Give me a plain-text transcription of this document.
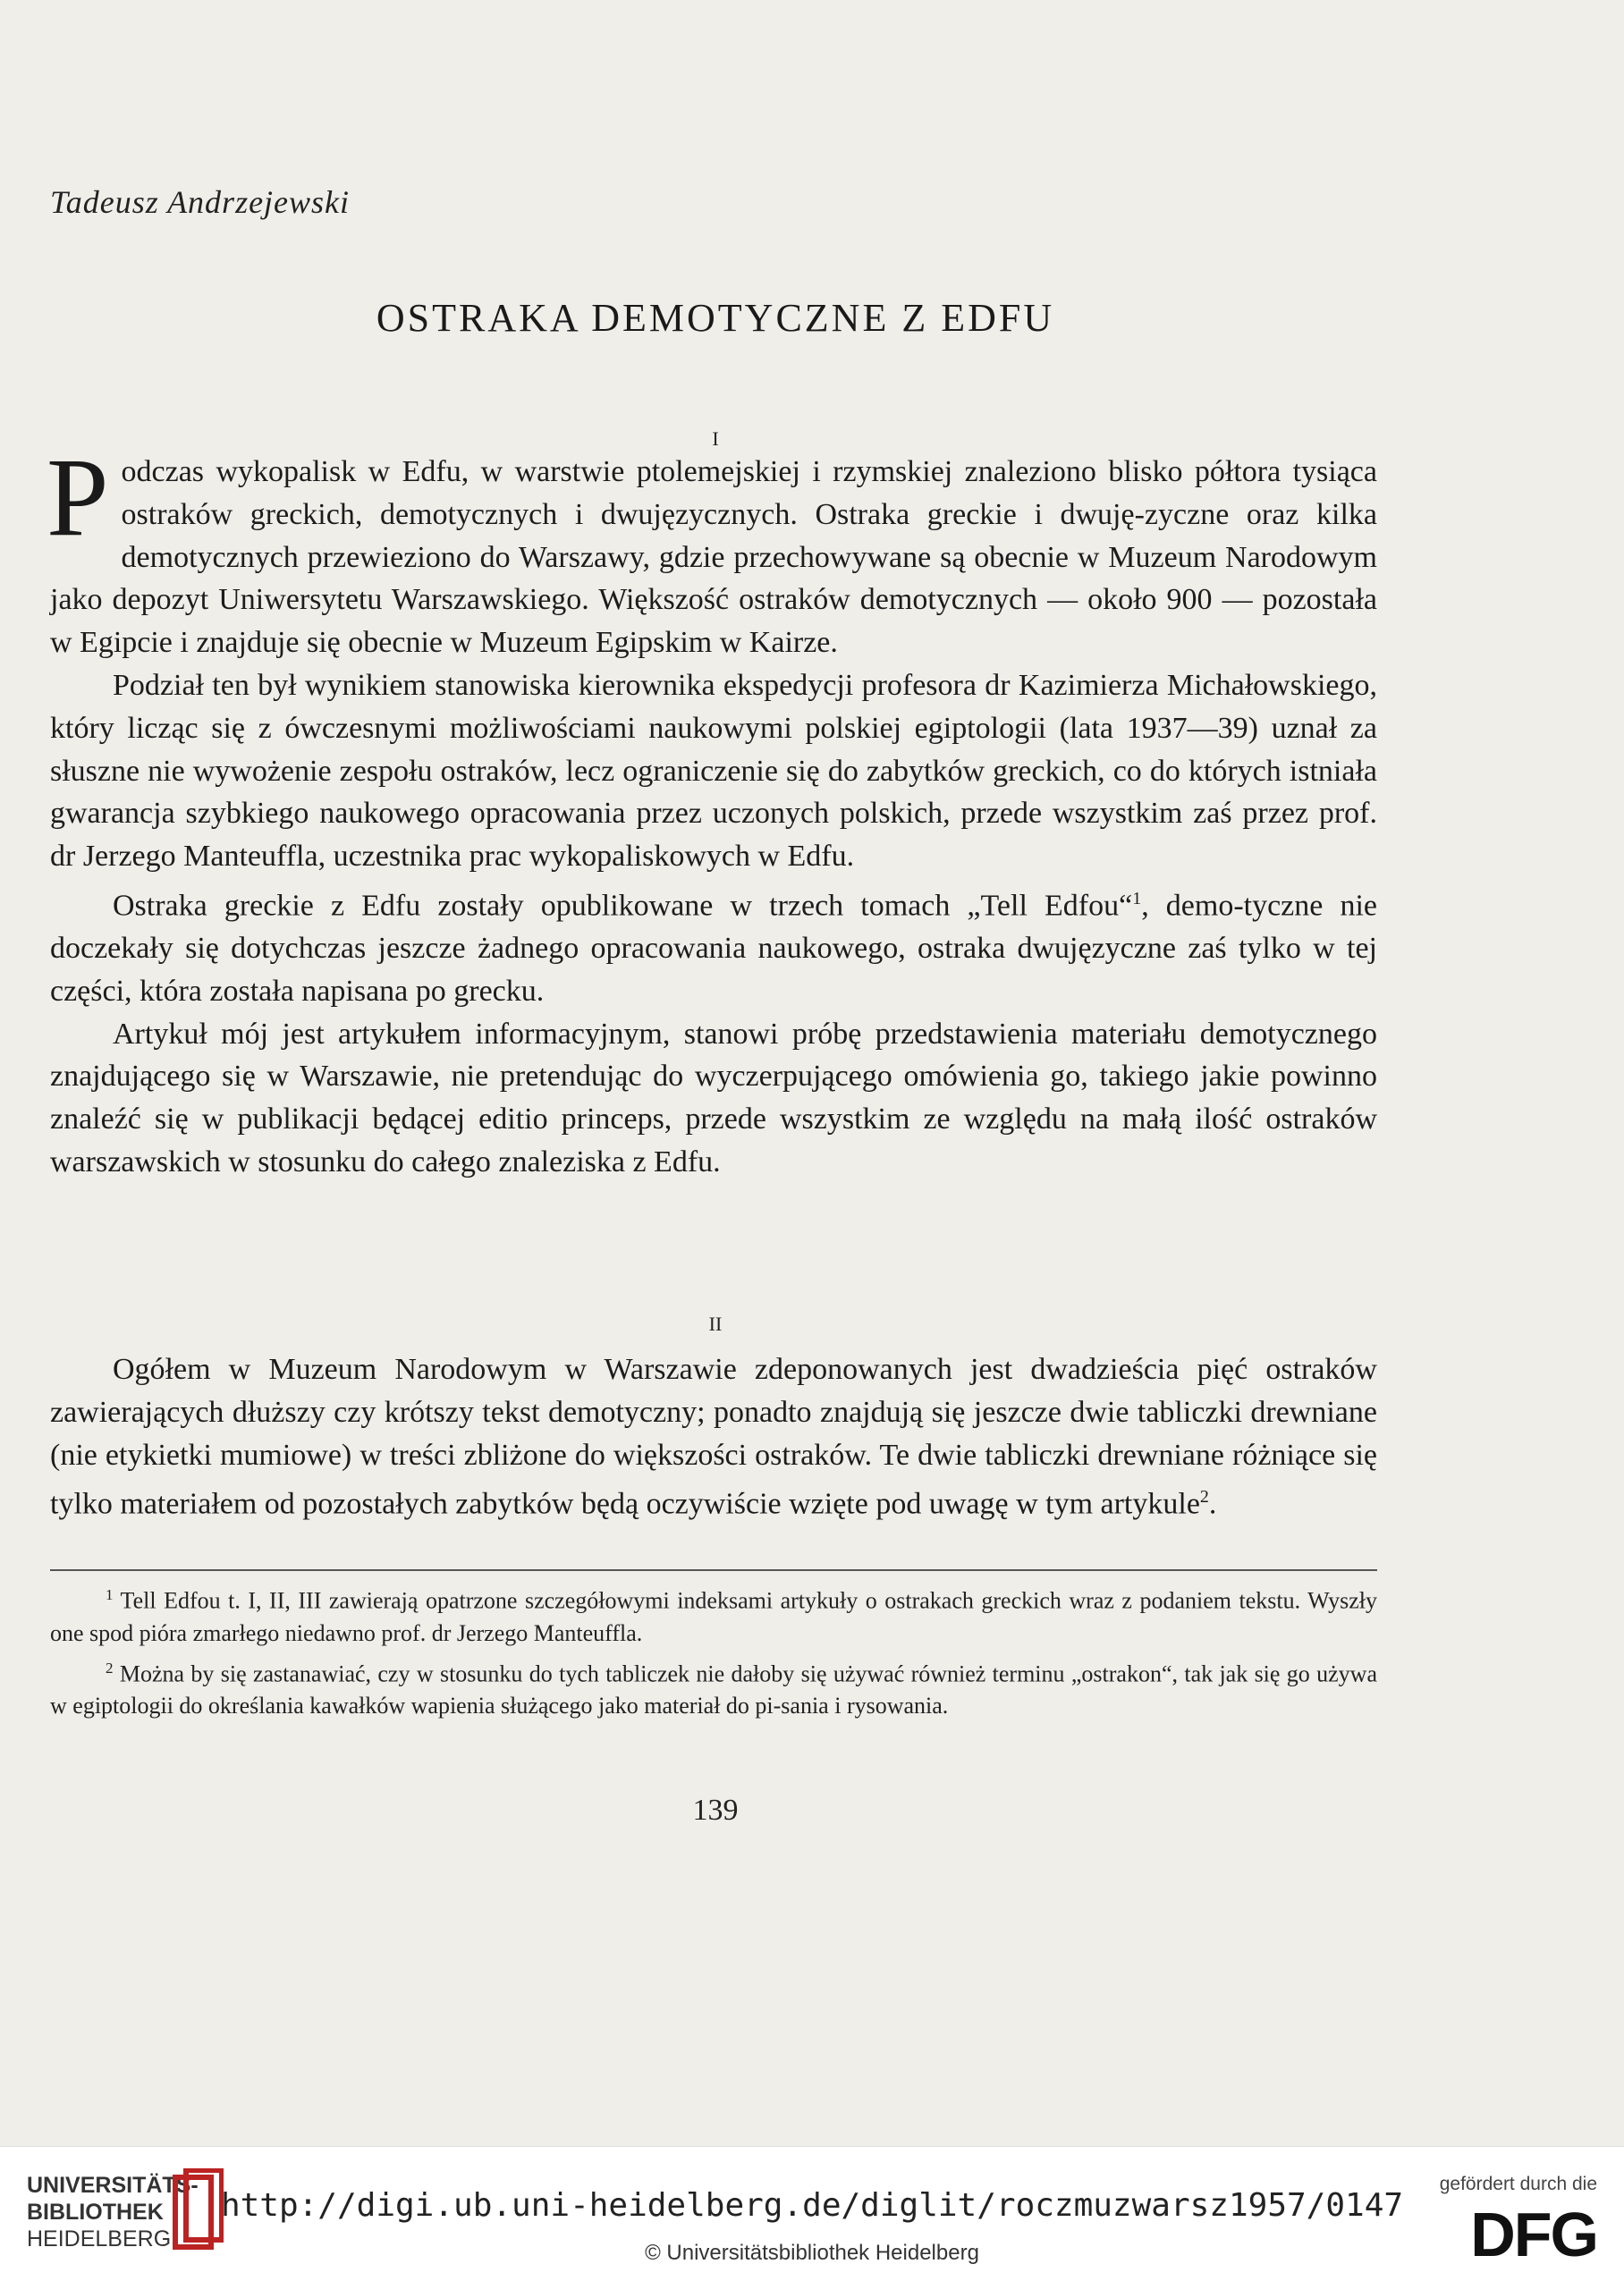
Tadeusz Andrzejewski
OSTRAKA DEMOTYCZNE Z EDFU
I

Podczas wykopalisk w Edfu, w warstwie ptolemejskiej i rzymskiej znaleziono blisko półtora tysiąca ostraków greckich, demotycznych i dwujęzycznych. Ostraka greckie i dwuję-zyczne oraz kilka demotycznych przewieziono do Warszawy, gdzie przechowywane są obecnie w Muzeum Narodowym jako depozyt Uniwersytetu Warszawskiego. Większość ostraków demotycznych — około 900 — pozostała w Egipcie i znajduje się obecnie w Muzeum Egipskim w Kairze.

Podział ten był wynikiem stanowiska kierownika ekspedycji profesora dr Kazimierza Michałowskiego, który licząc się z ówczesnymi możliwościami naukowymi polskiej egiptologii (lata 1937—39) uznał za słuszne nie wywożenie zespołu ostraków, lecz ograniczenie się do zabytków greckich, co do których istniała gwarancja szybkiego naukowego opracowania przez uczonych polskich, przede wszystkim zaś przez prof. dr Jerzego Manteuffla, uczestnika prac wykopaliskowych w Edfu.

Ostraka greckie z Edfu zostały opublikowane w trzech tomach „Tell Edfou“$^1$, demo-tyczne nie doczekały się dotychczas jeszcze żadnego opracowania naukowego, ostraka dwujęzyczne zaś tylko w tej części, która została napisana po grecku.

Artykuł mój jest artykułem informacyjnym, stanowi próbę przedstawienia materiału demotycznego znajdującego się w Warszawie, nie pretendując do wyczerpującego omówienia go, takiego jakie powinno znaleźć się w publikacji będącej editio princeps, przede wszystkim ze względu na małą ilość ostraków warszawskich w stosunku do całego znaleziska z Edfu.

II

Ogółem w Muzeum Narodowym w Warszawie zdeponowanych jest dwadzieścia pięć ostraków zawierających dłuższy czy krótszy tekst demotyczny; ponadto znajdują się jeszcze dwie tabliczki drewniane (nie etykietki mumiowe) w treści zbliżone do większości ostraków. Te dwie tabliczki drewniane różniące się tylko materiałem od pozostałych zabytków będą oczywiście wzięte pod uwagę w tym artykule$^2$.

$^1$ Tell Edfou t. I, II, III zawierają opatrzone szczegółowymi indeksami artykuły o ostrakach greckich wraz z podaniem tekstu. Wyszły one spod pióra zmarłego niedawno prof. dr Jerzego Manteuffla.

$^2$ Można by się zastanawiać, czy w stosunku do tych tabliczek nie dałoby się używać również terminu „ostrakon“, tak jak się go używa w egiptologii do określania kawałków wapienia służącego jako materiał do pi-sania i rysowania.

139
UNIVERSITÄTS-
BIBLIOTHEK
HEIDELBERG
http://digi.ub.uni-heidelberg.de/diglit/roczmuzwarsz1957/0147
© Universitätsbibliothek Heidelberg
gefördert durch die
DFG
